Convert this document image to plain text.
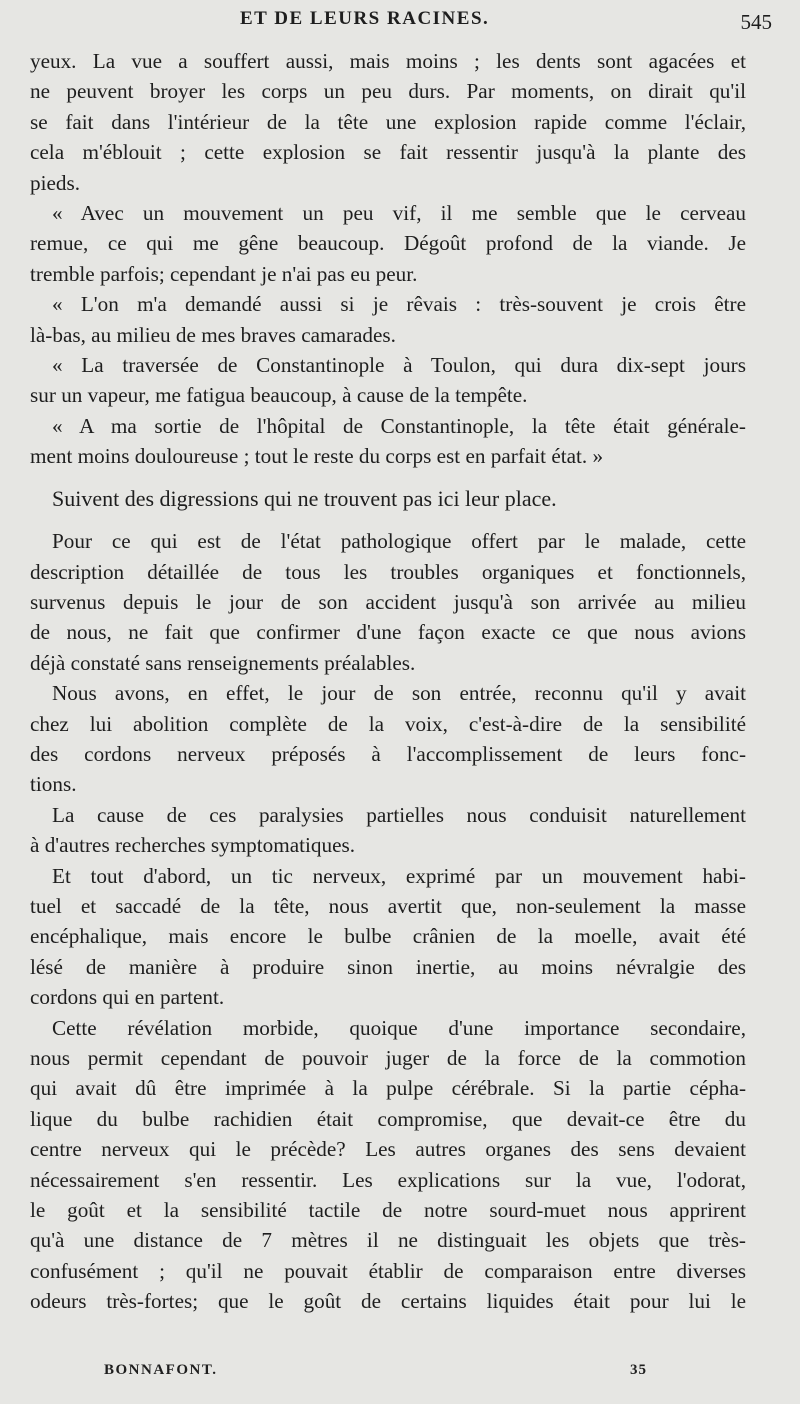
ET DE LEURS RACINES.	545
yeux. La vue a souffert aussi, mais moins ; les dents sont agacées et
ne peuvent broyer les corps un peu durs. Par moments, on dirait qu'il
se fait dans l'intérieur de la tête une explosion rapide comme l'éclair,
cela m'éblouit ; cette explosion se fait ressentir jusqu'à la plante des
pieds.
« Avec un mouvement un peu vif, il me semble que le cerveau
remue, ce qui me gêne beaucoup. Dégoût profond de la viande. Je
tremble parfois; cependant je n'ai pas eu peur.
« L'on m'a demandé aussi si je rêvais : très-souvent je crois être
là-bas, au milieu de mes braves camarades.
« La traversée de Constantinople à Toulon, qui dura dix-sept jours
sur un vapeur, me fatigua beaucoup, à cause de la tempête.
« A ma sortie de l'hôpital de Constantinople, la tête était générale-
ment moins douloureuse ; tout le reste du corps est en parfait état. »
Suivent des digressions qui ne trouvent pas ici leur place.
Pour ce qui est de l'état pathologique offert par le malade, cette
description détaillée de tous les troubles organiques et fonctionnels,
survenus depuis le jour de son accident jusqu'à son arrivée au milieu
de nous, ne fait que confirmer d'une façon exacte ce que nous avions
déjà constaté sans renseignements préalables.
Nous avons, en effet, le jour de son entrée, reconnu qu'il y avait
chez lui abolition complète de la voix, c'est-à-dire de la sensibilité
des cordons nerveux préposés à l'accomplissement de leurs fonc-
tions.
La cause de ces paralysies partielles nous conduisit naturellement
à d'autres recherches symptomatiques.
Et tout d'abord, un tic nerveux, exprimé par un mouvement habi-
tuel et saccadé de la tête, nous avertit que, non-seulement la masse
encéphalique, mais encore le bulbe crânien de la moelle, avait été
lésé de manière à produire sinon inertie, au moins névralgie des
cordons qui en partent.
Cette révélation morbide, quoique d'une importance secondaire,
nous permit cependant de pouvoir juger de la force de la commotion
qui avait dû être imprimée à la pulpe cérébrale. Si la partie cépha-
lique du bulbe rachidien était compromise, que devait-ce être du
centre nerveux qui le précède? Les autres organes des sens devaient
nécessairement s'en ressentir. Les explications sur la vue, l'odorat,
le goût et la sensibilité tactile de notre sourd-muet nous apprirent
qu'à une distance de 7 mètres il ne distinguait les objets que très-
confusément ; qu'il ne pouvait établir de comparaison entre diverses
odeurs très-fortes; que le goût de certains liquides était pour lui le
BONNAFONT.	35
